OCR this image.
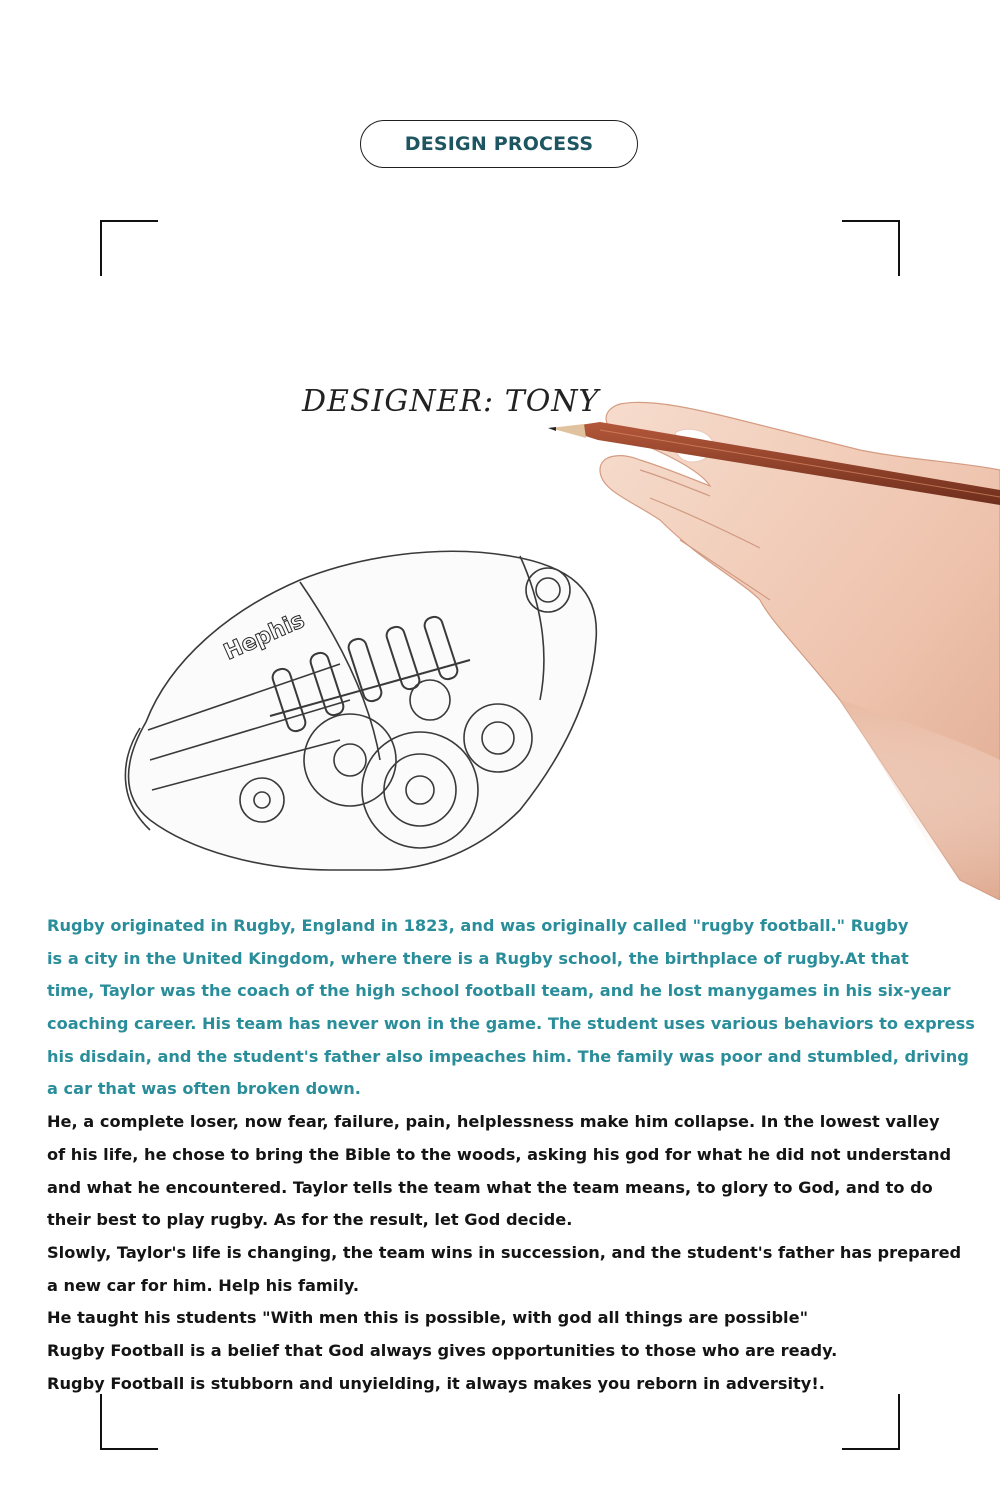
DESIGN PROCESS
DESIGNER: TONY
Hephis
Rugby originated in Rugby, England in 1823, and was originally called "rugby football." Rugby
is a city in the United Kingdom, where there is a Rugby school, the birthplace of rugby.At that
time, Taylor was the coach of the high school football team, and he lost manygames in his six-year
coaching career. His team has never won in the game. The student uses various behaviors to express
his disdain, and the student's father also impeaches him. The family was poor and stumbled, driving
a car that was often broken down.
He, a complete loser, now fear, failure, pain, helplessness make him collapse. In the lowest valley
of his life, he chose to bring the Bible to the woods, asking his god for what he did not understand
and what he encountered. Taylor tells the team what the team means, to glory to God, and to do
their best to play rugby. As for the result, let God decide.
Slowly, Taylor's life is changing, the team wins in succession, and the student's father has prepared
a new car for him. Help his family.
He taught his students "With men this is possible, with god all things are possible"
Rugby Football is a belief that God always gives opportunities to those who are ready.
Rugby Football is stubborn and unyielding, it always makes you reborn in adversity!.
